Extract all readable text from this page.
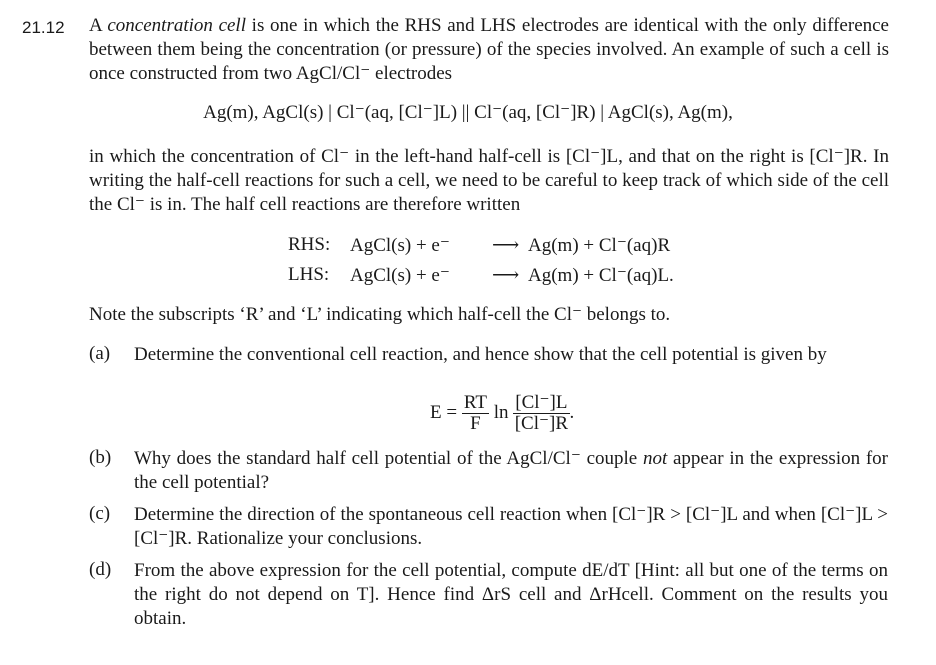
21.12 A concentration cell is one in which the RHS and LHS electrodes are identical with the only difference between them being the concentration (or pressure) of the species involved. An example of such a cell is once constructed from two AgCl/Cl⁻ electrodes
Ag(m), AgCl(s) | Cl⁻(aq, [Cl⁻]L) || Cl⁻(aq, [Cl⁻]R) | AgCl(s), Ag(m),
in which the concentration of Cl⁻ in the left-hand half-cell is [Cl⁻]L, and that on the right is [Cl⁻]R. In writing the half-cell reactions for such a cell, we need to be careful to keep track of which side of the cell the Cl⁻ is in. The half cell reactions are therefore written
RHS:	AgCl(s) + e⁻	⟶	Ag(m) + Cl⁻(aq)R
LHS:	AgCl(s) + e⁻	⟶	Ag(m) + Cl⁻(aq)L.
Note the subscripts ‘R’ and ‘L’ indicating which half-cell the Cl⁻ belongs to.
(a) Determine the conventional cell reaction, and hence show that the cell potential is given by
$E = \frac{RT}{F}$ $\ln \frac{[Cl^-]L}{[Cl^-]R}$ .
(b) Why does the standard half cell potential of the AgCl/Cl⁻ couple not appear in the expression for the cell potential?
(c) Determine the direction of the spontaneous cell reaction when [Cl⁻]R > [Cl⁻]L and when [Cl⁻]L > [Cl⁻]R. Rationalize your conclusions.
(d) From the above expression for the cell potential, compute dE/dT [Hint: all but one of the terms on the right do not depend on T]. Hence find ΔrS cell and ΔrHcell. Comment on the results you obtain.
